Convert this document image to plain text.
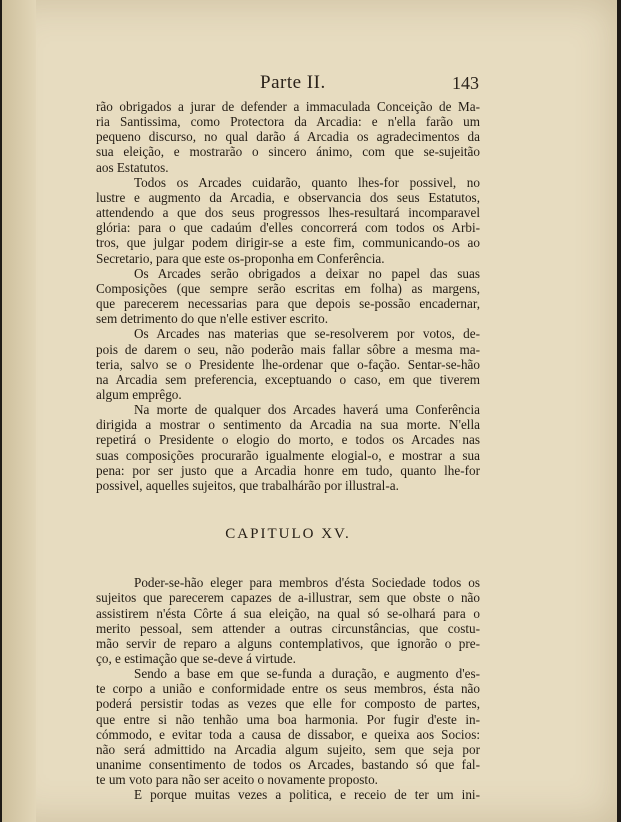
Parte II.	143

rão obrigados a jurar de defender a immaculada Conceição de Ma-
ria Santissima, como Protectora da Arcadia: e n'ella farão um
pequeno discurso, no qual darão á Arcadia os agradecimentos da
sua eleição, e mostrarão o sincero ánimo, com que se-sujeitão
aos Estatutos.

Todos os Arcades cuidarão, quanto lhes-for possivel, no
lustre e augmento da Arcadia, e observancia dos seus Estatutos,
attendendo a que dos seus progressos lhes-resultará incomparavel
glória: para o que cadaúm d'elles concorrerá com todos os Arbi-
tros, que julgar podem dirigir-se a este fim, communicando-os ao
Secretario, para que este os-proponha em Conferência.

Os Arcades serão obrigados a deixar no papel das suas
Composições (que sempre serão escritas em folha) as margens,
que parecerem necessarias para que depois se-possão encadernar,
sem detrimento do que n'elle estiver escrito.

Os Arcades nas materias que se-resolverem por votos, de-
pois de darem o seu, não poderão mais fallar sôbre a mesma ma-
teria, salvo se o Presidente lhe-ordenar que o-fação. Sentar-se-hão
na Arcadia sem preferencia, exceptuando o caso, em que tiverem
algum emprêgo.

Na morte de qualquer dos Arcades haverá uma Conferência
dirigida a mostrar o sentimento da Arcadia na sua morte. N'ella
repetirá o Presidente o elogio do morto, e todos os Arcades nas
suas composições procurarão igualmente elogial-o, e mostrar a sua
pena: por ser justo que a Arcadia honre em tudo, quanto lhe-for
possivel, aquelles sujeitos, que trabalhárão por illustral-a.

CAPITULO XV.

Poder-se-hão eleger para membros d'ésta Sociedade todos os
sujeitos que parecerem capazes de a-illustrar, sem que obste o não
assistirem n'ésta Côrte á sua eleição, na qual só se-olhará para o
merito pessoal, sem attender a outras circunstâncias, que costu-
mão servir de reparo a alguns contemplativos, que ignorão o pre-
ço, e estimação que se-deve á virtude.

Sendo a base em que se-funda a duração, e augmento d'es-
te corpo a união e conformidade entre os seus membros, ésta não
poderá persistir todas as vezes que elle for composto de partes,
que entre si não tenhão uma boa harmonia. Por fugir d'este in-
cómmodo, e evitar toda a causa de dissabor, e queixa aos Socios:
não será admittido na Arcadia algum sujeito, sem que seja por
unanime consentimento de todos os Arcades, bastando só que fal-
te um voto para não ser aceito o novamente proposto.

E porque muitas vezes a politica, e receio de ter um ini-
